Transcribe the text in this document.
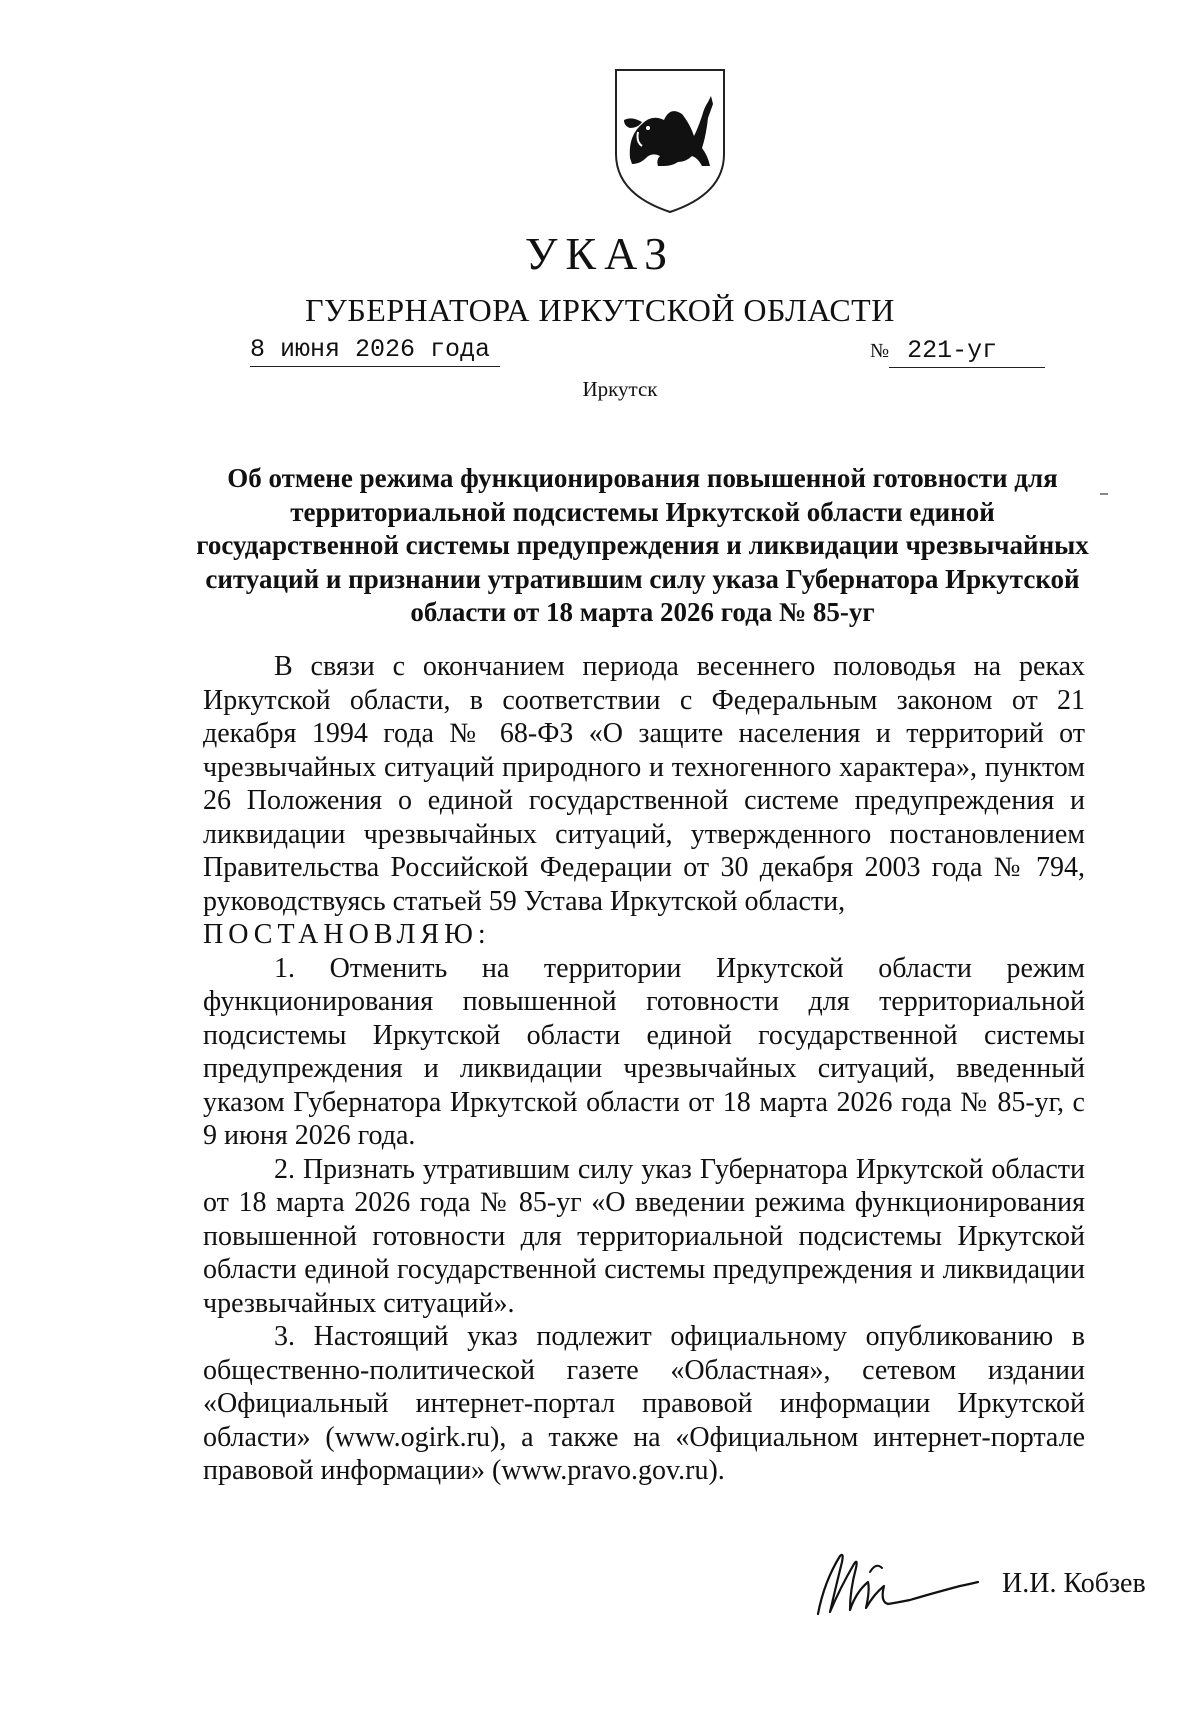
УКАЗ
ГУБЕРНАТОРА ИРКУТСКОЙ ОБЛАСТИ
8 июня 2026 года	№ 221-уг
Иркутск
Об отмене режима функционирования повышенной готовности для территориальной подсистемы Иркутской области единой государственной системы предупреждения и ликвидации чрезвычайных ситуаций и признании утратившим силу указа Губернатора Иркутской области от 18 марта 2026 года № 85-уг

В связи с окончанием периода весеннего половодья на реках Иркутской области, в соответствии с Федеральным законом от 21 декабря 1994 года № 68-ФЗ «О защите населения и территорий от чрезвычайных ситуаций природного и техногенного характера», пунктом 26 Положения о единой государственной системе предупреждения и ликвидации чрезвычайных ситуаций, утвержденного постановлением Правительства Российской Федерации от 30 декабря 2003 года № 794, руководствуясь статьей 59 Устава Иркутской области,

ПОСТАНОВЛЯЮ:

1. Отменить на территории Иркутской области режим функционирования повышенной готовности для территориальной подсистемы Иркутской области единой государственной системы предупреждения и ликвидации чрезвычайных ситуаций, введенный указом Губернатора Иркутской области от 18 марта 2026 года № 85-уг, с 9 июня 2026 года.

2. Признать утратившим силу указ Губернатора Иркутской области от 18 марта 2026 года № 85-уг «О введении режима функционирования повышенной готовности для территориальной подсистемы Иркутской области единой государственной системы предупреждения и ликвидации чрезвычайных ситуаций».

3. Настоящий указ подлежит официальному опубликованию в общественно-политической газете «Областная», сетевом издании «Официальный интернет-портал правовой информации Иркутской области» (www.ogirk.ru), а также на «Официальном интернет-портале правовой информации» (www.pravo.gov.ru).

И.И. Кобзев
